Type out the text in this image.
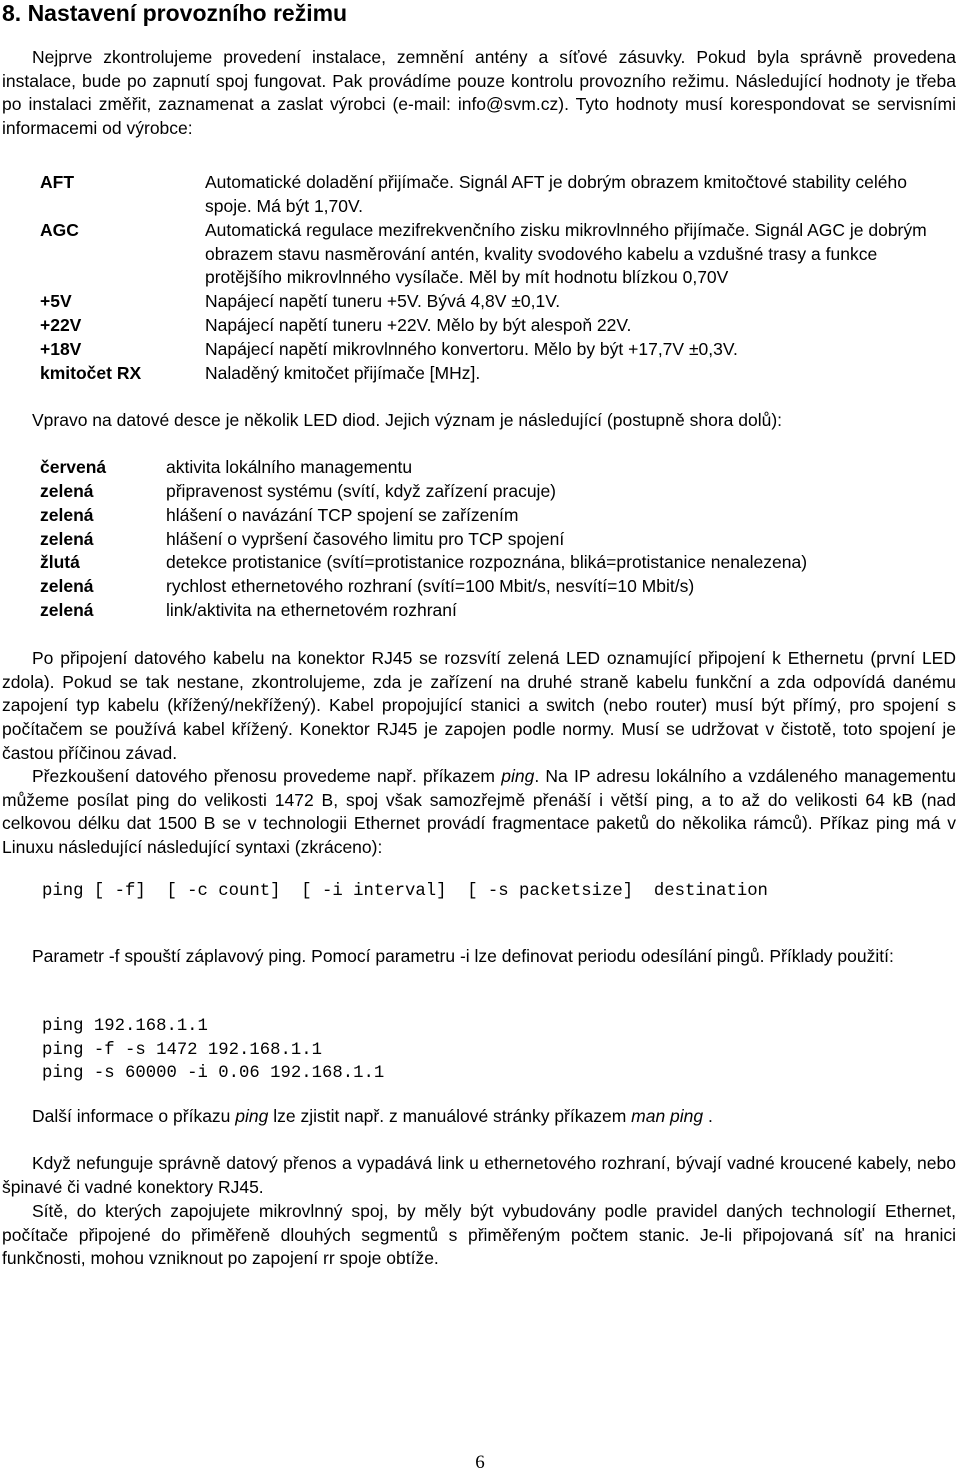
8. Nastavení provozního režimu
Nejprve zkontrolujeme provedení instalace, zemnění antény a síťové zásuvky. Pokud byla správně provedena instalace, bude po zapnutí spoj fungovat. Pak provádíme pouze kontrolu provozního režimu. Následující hodnoty je třeba po instalaci změřit, zaznamenat a zaslat výrobci (e-mail: info@svm.cz). Tyto hodnoty musí korespondovat se servisními informacemi od výrobce:
AFT	Automatické doladění přijímače. Signál AFT je dobrým obrazem kmitočtové stability celého spoje. Má být 1,70V.
AGC	Automatická regulace mezifrekvenčního zisku mikrovlnného přijímače. Signál AGC je dobrým obrazem stavu nasměrování antén, kvality svodového kabelu a vzdušné trasy a funkce protějšího mikrovlnného vysílače. Měl by mít hodnotu blízkou 0,70V
+5V	Napájecí napětí tuneru +5V. Bývá 4,8V ±0,1V.
+22V	Napájecí napětí tuneru +22V. Mělo by být alespoň 22V.
+18V	Napájecí napětí mikrovlnného konvertoru. Mělo by být +17,7V ±0,3V.
kmitočet RX	Naladěný kmitočet přijímače [MHz].
Vpravo na datové desce je několik LED diod. Jejich význam je následující (postupně shora dolů):
červená	aktivita lokálního managementu
zelená	připravenost systému (svítí, když zařízení pracuje)
zelená	hlášení o navázání TCP spojení se zařízením
zelená	hlášení o vypršení časového limitu pro TCP spojení
žlutá	detekce protistanice (svítí=protistanice rozpoznána, bliká=protistanice nenalezena)
zelená	rychlost ethernetového rozhraní (svítí=100 Mbit/s, nesvítí=10 Mbit/s)
zelená	link/aktivita na ethernetovém rozhraní
Po připojení datového kabelu na konektor RJ45 se rozsvítí zelená LED oznamující připojení k Ethernetu (první LED zdola). Pokud se tak nestane, zkontrolujeme, zda je zařízení na druhé straně kabelu funkční a zda odpovídá danému zapojení typ kabelu (křížený/nekřížený). Kabel propojující stanici a switch (nebo router) musí být přímý, pro spojení s počítačem se používá kabel křížený. Konektor RJ45 je zapojen podle normy. Musí se udržovat v čistotě, toto spojení je častou příčinou závad.
Přezkoušení datového přenosu provedeme např. příkazem ping. Na IP adresu lokálního a vzdáleného managementu můžeme posílat ping do velikosti 1472 B, spoj však samozřejmě přenáší i větší ping, a to až do velikosti 64 kB (nad celkovou délku dat 1500 B se v technologii Ethernet provádí fragmentace paketů do několika rámců). Příkaz ping má v Linuxu následující následující syntaxi (zkráceno):
ping [ -f]  [ -c count]  [ -i interval]  [ -s packetsize]  destination
Parametr -f spouští záplavový ping. Pomocí parametru -i lze definovat periodu odesílání pingů. Příklady použití:
ping 192.168.1.1
ping -f -s 1472 192.168.1.1
ping -s 60000 -i 0.06 192.168.1.1
Další informace o příkazu ping lze zjistit např. z manuálové stránky příkazem man ping .
Když nefunguje správně datový přenos a vypadává link u ethernetového rozhraní, bývají vadné kroucené kabely, nebo špinavé či vadné konektory RJ45.
Sítě, do kterých zapojujete mikrovlnný spoj, by měly být vybudovány podle pravidel daných technologií Ethernet, počítače připojené do přiměřeně dlouhých segmentů s přiměřeným počtem stanic. Je-li připojovaná síť na hranici funkčnosti, mohou vzniknout po zapojení rr spoje obtíže.
6
